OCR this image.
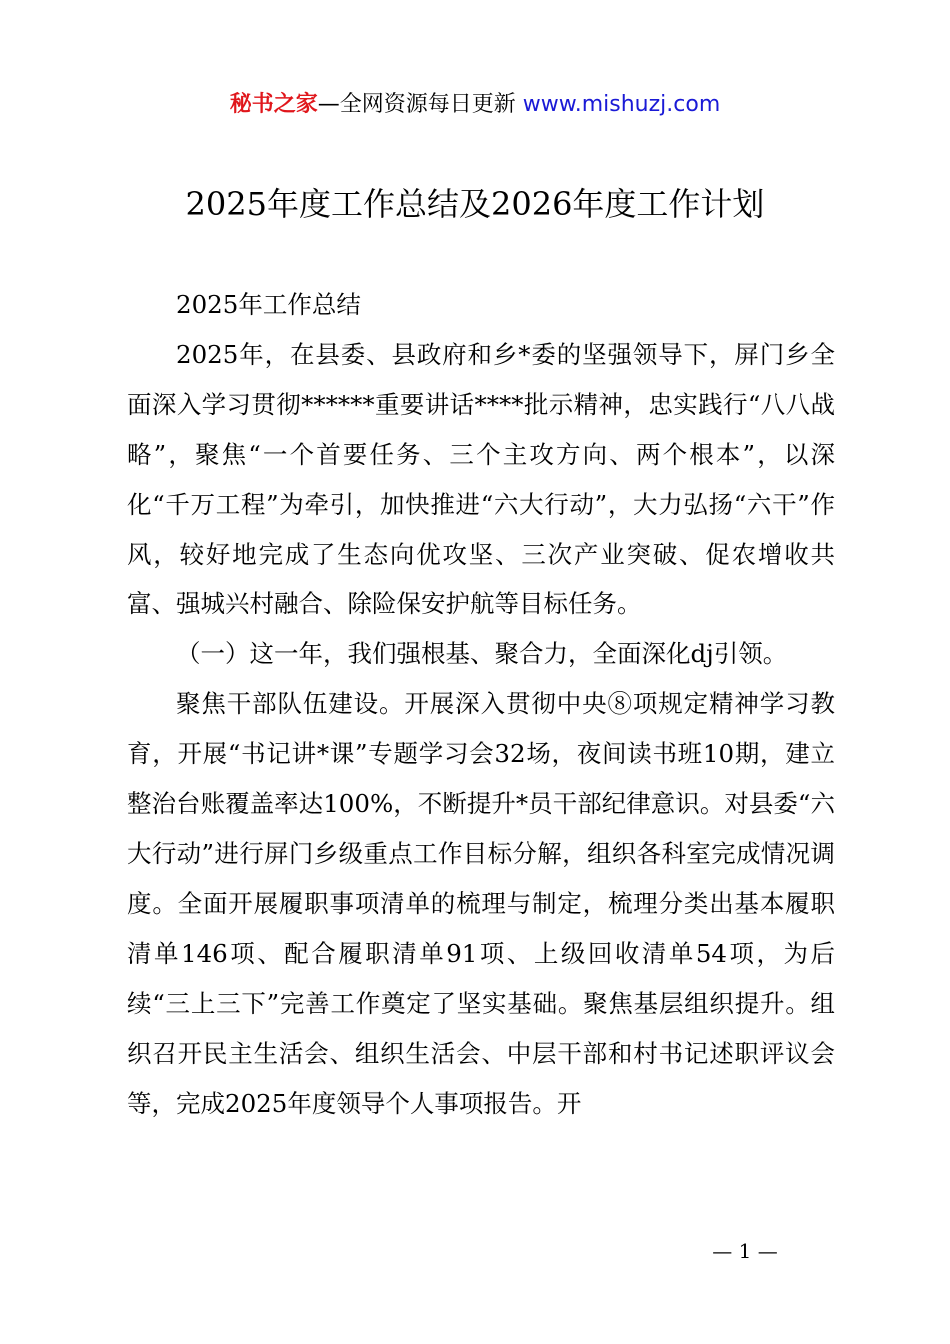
秘书之家—全网资源每日更新 www.mishuzj.com
2025年度工作总结及2026年度工作计划

2025年工作总结

2025年，在县委、县政府和乡*委的坚强领导下，屏门乡全面深入学习贯彻******重要讲话****批示精神，忠实践行“八八战略”，聚焦“一个首要任务、三个主攻方向、两个根本”，以深化“千万工程”为牵引，加快推进“六大行动”，大力弘扬“六干”作风，较好地完成了生态向优攻坚、三次产业突破、促农增收共富、强城兴村融合、除险保安护航等目标任务。

（一）这一年，我们强根基、聚合力，全面深化dj引领。

聚焦干部队伍建设。开展深入贯彻中央⑧项规定精神学习教育，开展“书记讲*课”专题学习会32场，夜间读书班10期，建立整治台账覆盖率达100%，不断提升*员干部纪律意识。对县委“六大行动”进行屏门乡级重点工作目标分解，组织各科室完成情况调度。全面开展履职事项清单的梳理与制定，梳理分类出基本履职清单146项、配合履职清单91项、上级回收清单54项，为后续“三上三下”完善工作奠定了坚实基础。聚焦基层组织提升。组织召开民主生活会、组织生活会、中层干部和村书记述职评议会等，完成2025年度领导个人事项报告。开

— 1 —
